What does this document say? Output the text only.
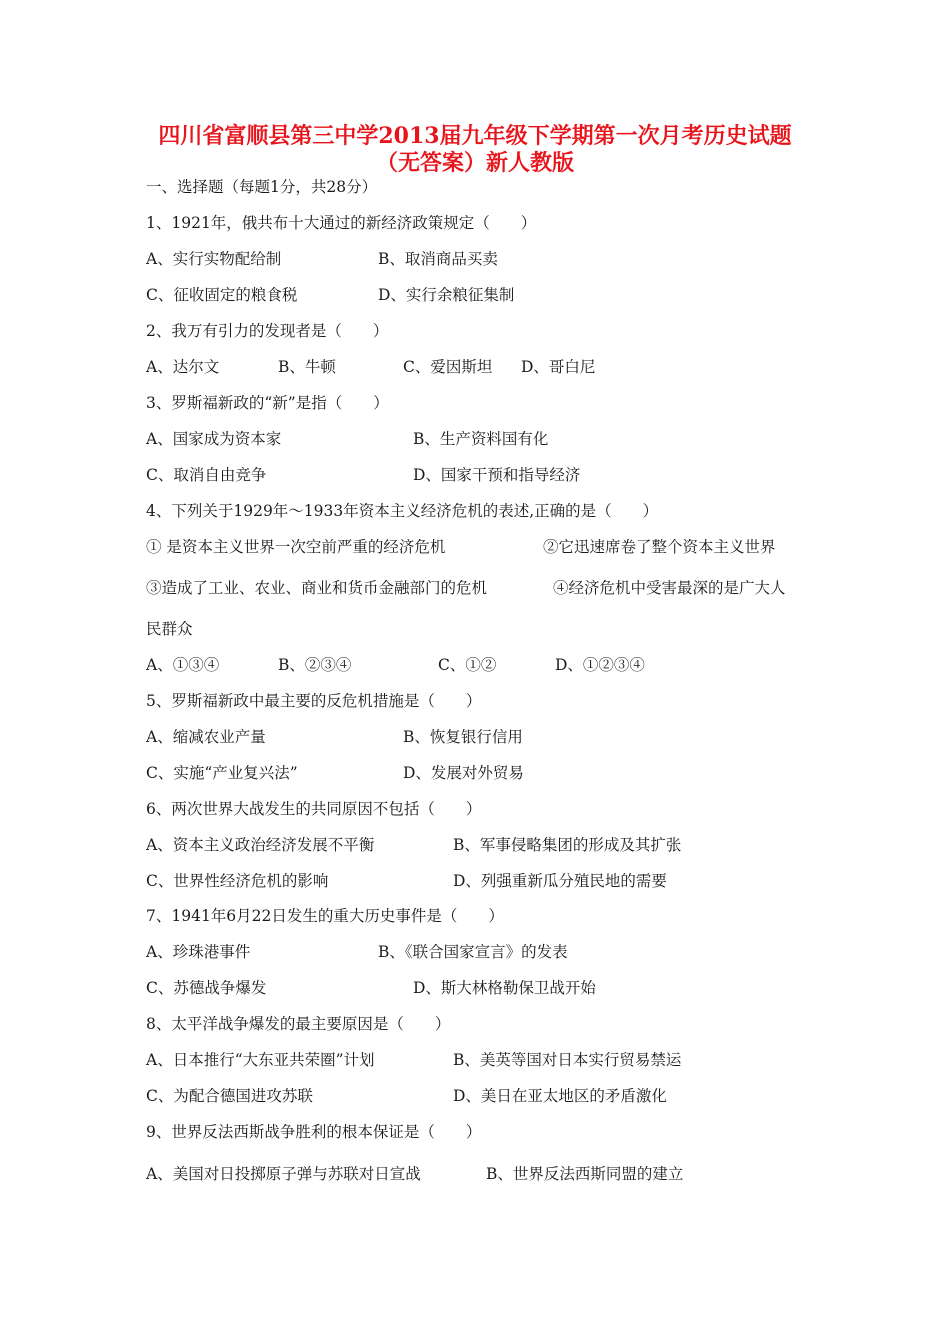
四川省富顺县第三中学2013届九年级下学期第一次月考历史试题
（无答案）新人教版
一、选择题（每题1分，共28分）
1、1921年，俄共布十大通过的新经济政策规定（　　）
A、实行实物配给制	B、取消商品买卖
C、征收固定的粮食税	D、实行余粮征集制
2、我万有引力的发现者是（　　）
A、达尔文	B、牛顿	C、爱因斯坦 D、哥白尼
3、罗斯福新政的“新”是指（　　）
A、国家成为资本家	B、生产资料国有化
C、取消自由竞争	D、国家干预和指导经济
4、下列关于1929年～1933年资本主义经济危机的表述,正确的是（　　）
① 是资本主义世界一次空前严重的经济危机	②它迅速席卷了整个资本主义世界
③造成了工业、农业、商业和货币金融部门的危机	④经济危机中受害最深的是广大人
民群众
A、①③④	B、②③④	C、①②	D、①②③④
5、罗斯福新政中最主要的反危机措施是（　　）
A、缩减农业产量	B、恢复银行信用
C、实施“产业复兴法”	D、发展对外贸易
6、两次世界大战发生的共同原因不包括（　　）
A、资本主义政治经济发展不平衡	B、军事侵略集团的形成及其扩张
C、世界性经济危机的影响	D、列强重新瓜分殖民地的需要
7、1941年6月22日发生的重大历史事件是（　　）
A、珍珠港事件	B、《联合国家宣言》的发表
C、苏德战争爆发	D、斯大林格勒保卫战开始
8、太平洋战争爆发的最主要原因是（　　）
A、日本推行“大东亚共荣圈”计划	B、美英等国对日本实行贸易禁运
C、为配合德国进攻苏联	D、美日在亚太地区的矛盾激化
9、世界反法西斯战争胜利的根本保证是（　　）
A、美国对日投掷原子弹与苏联对日宣战	B、世界反法西斯同盟的建立
